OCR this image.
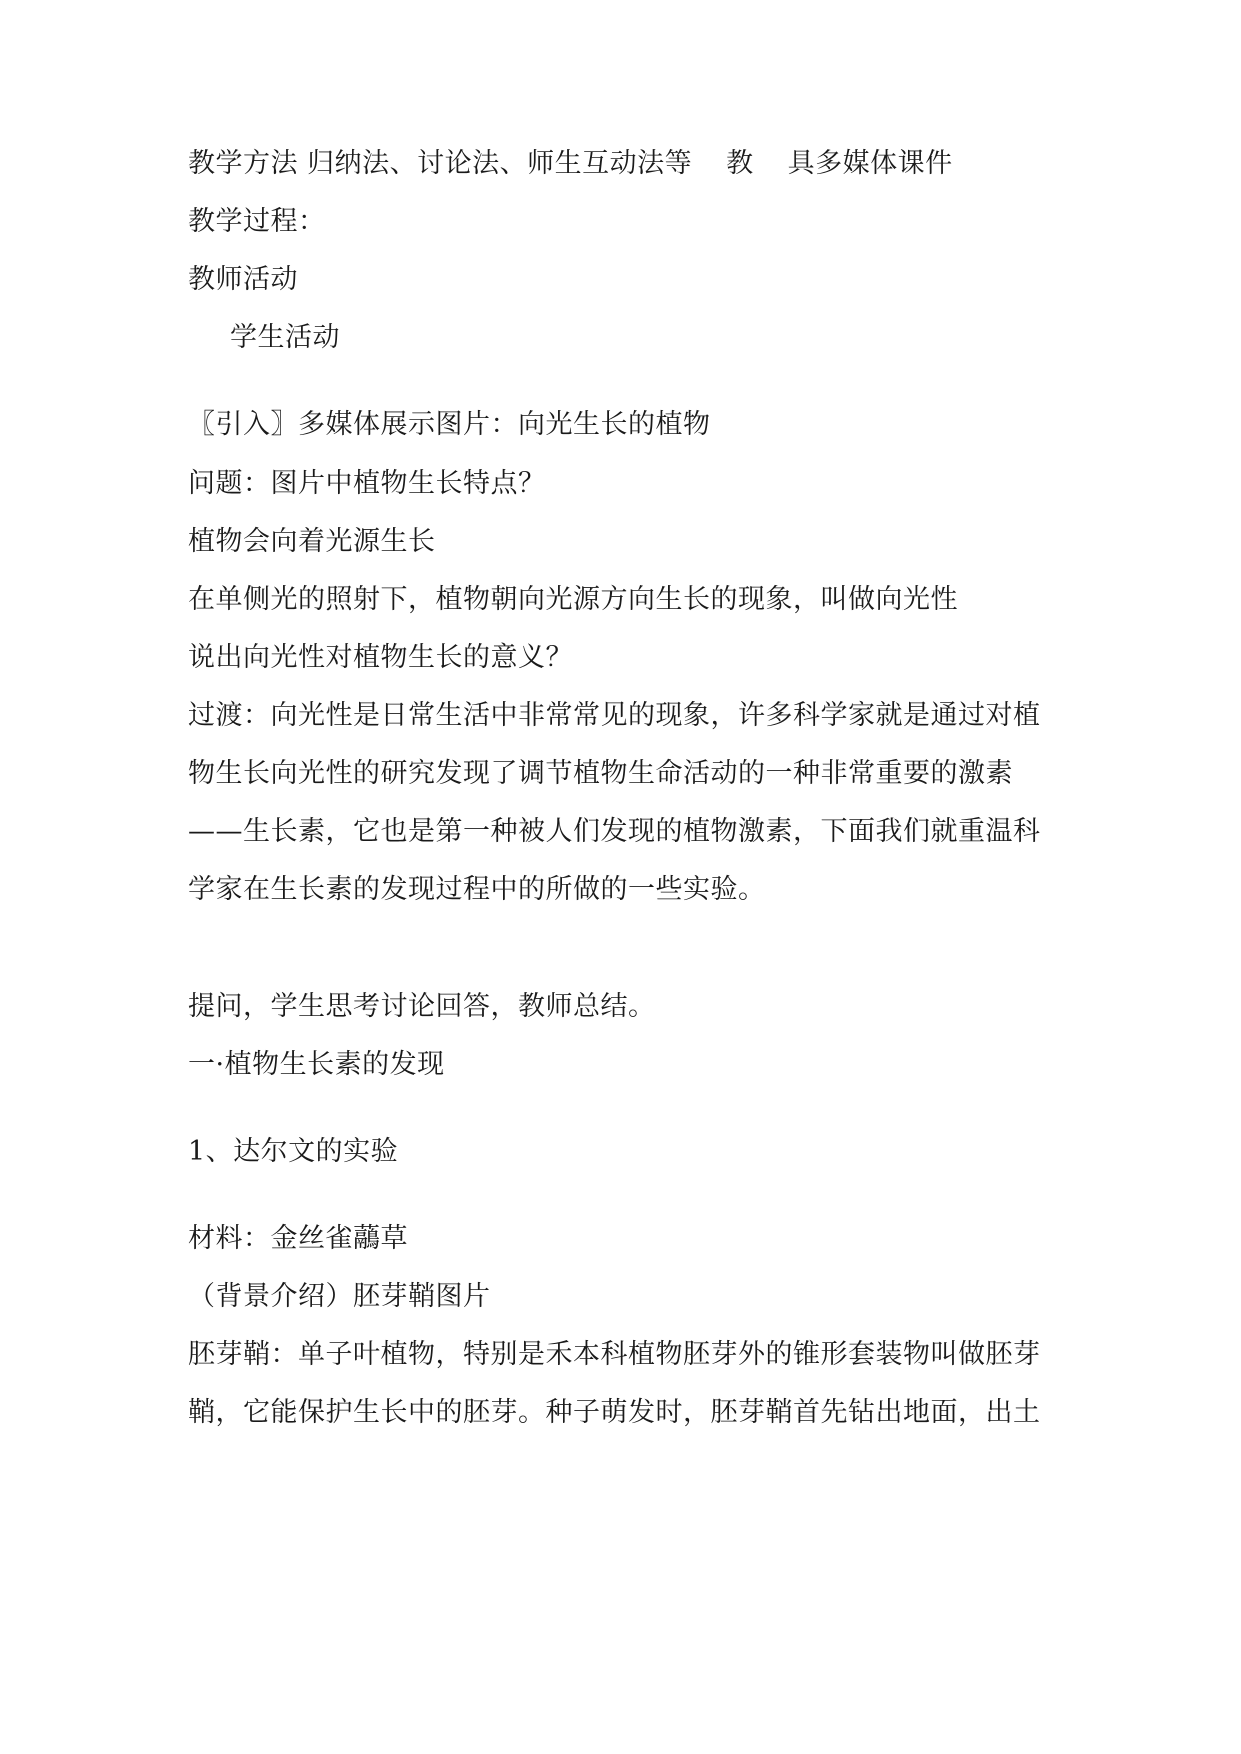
教学方法 归纳法、讨论法、师生互动法等 教 具多媒体课件

教学过程：

教师活动

学生活动

〖引入〗多媒体展示图片：向光生长的植物

问题：图片中植物生长特点？

植物会向着光源生长

在单侧光的照射下，植物朝向光源方向生长的现象，叫做向光性

说出向光性对植物生长的意义？

过渡：向光性是日常生活中非常常见的现象，许多科学家就是通过对植

物生长向光性的研究发现了调节植物生命活动的一种非常重要的激素

——生长素，它也是第一种被人们发现的植物激素，下面我们就重温科

学家在生长素的发现过程中的所做的一些实验。

提问，学生思考讨论回答，教师总结。

一·植物生长素的发现

1、达尔文的实验

材料：金丝雀虉草

（背景介绍）胚芽鞘图片

胚芽鞘：单子叶植物，特别是禾本科植物胚芽外的锥形套装物叫做胚芽

鞘，它能保护生长中的胚芽。种子萌发时，胚芽鞘首先钻出地面，出土
